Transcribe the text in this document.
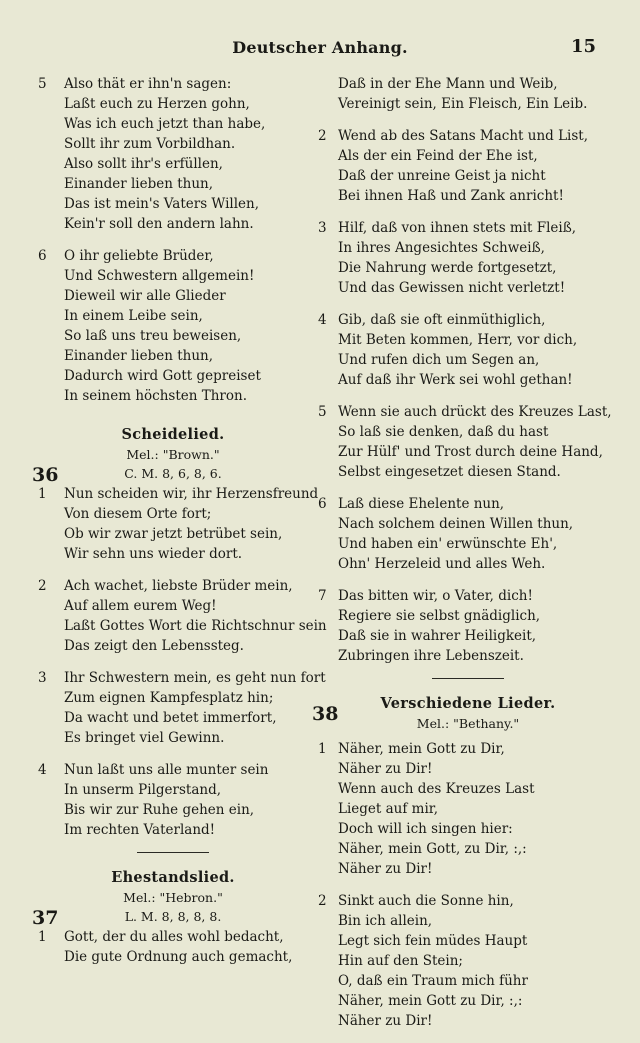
Deutscher Anhang.	15
5	Also thät er ihn'n sagen:
Laßt euch zu Herzen gohn,
Was ich euch jetzt than habe,
Sollt ihr zum Vorbildhan.
Also sollt ihr's erfüllen,
Einander lieben thun,
Das ist mein's Vaters Willen,
Kein'r soll den andern lahn.
6	O ihr geliebte Brüder,
Und Schwestern allgemein!
Dieweil wir alle Glieder
In einem Leibe sein,
So laß uns treu beweisen,
Einander lieben thun,
Dadurch wird Gott gepreiset
In seinem höchsten Thron.
Scheidelied.
Mel.: "Brown."
36	C. M. 8, 6, 8, 6.
1	Nun scheiden wir, ihr Herzensfreund
Von diesem Orte fort;
Ob wir zwar jetzt betrübet sein,
Wir sehn uns wieder dort.
2	Ach wachet, liebste Brüder mein,
Auf allem eurem Weg!
Laßt Gottes Wort die Richtschnur sein
Das zeigt den Lebenssteg.
3	Ihr Schwestern mein, es geht nun fort
Zum eignen Kampfesplatz hin;
Da wacht und betet immerfort,
Es bringet viel Gewinn.
4	Nun laßt uns alle munter sein
In unserm Pilgerstand,
Bis wir zur Ruhe gehen ein,
Im rechten Vaterland!
Ehestandslied.
Mel.: "Hebron."
37	L. M. 8, 8, 8, 8.
1	Gott, der du alles wohl bedacht,
Die gute Ordnung auch gemacht,
Daß in der Ehe Mann und Weib,
Vereinigt sein, Ein Fleisch, Ein Leib.
2 Wend ab des Satans Macht und List,
Als der ein Feind der Ehe ist,
Daß der unreine Geist ja nicht
Bei ihnen Haß und Zank anricht!
3 Hilf, daß von ihnen stets mit Fleiß,
In ihres Angesichtes Schweiß,
Die Nahrung werde fortgesetzt,
Und das Gewissen nicht verletzt!
4 Gib, daß sie oft einmüthiglich,
Mit Beten kommen, Herr, vor dich,
Und rufen dich um Segen an,
Auf daß ihr Werk sei wohl gethan!
5 Wenn sie auch drückt des Kreuzes Last,
So laß sie denken, daß du hast
Zur Hülf' und Trost durch deine Hand,
Selbst eingesetzet diesen Stand.
6 Laß diese Ehelente nun,
Nach solchem deinen Willen thun,
Und haben ein' erwünschte Eh',
Ohn' Herzeleid und alles Weh.
7 Das bitten wir, o Vater, dich!
Regiere sie selbst gnädiglich,
Daß sie in wahrer Heiligkeit,
Zubringen ihre Lebenszeit.
Verschiedene Lieder.
38	Mel.: "Bethany."
1 Näher, mein Gott zu Dir,
Näher zu Dir!
Wenn auch des Kreuzes Last
Lieget auf mir,
Doch will ich singen hier:
Näher, mein Gott, zu Dir, :,:
Näher zu Dir!
2 Sinkt auch die Sonne hin,
Bin ich allein,
Legt sich fein müdes Haupt
Hin auf den Stein;
O, daß ein Traum mich führ
Näher, mein Gott zu Dir, :,:
Näher zu Dir!
